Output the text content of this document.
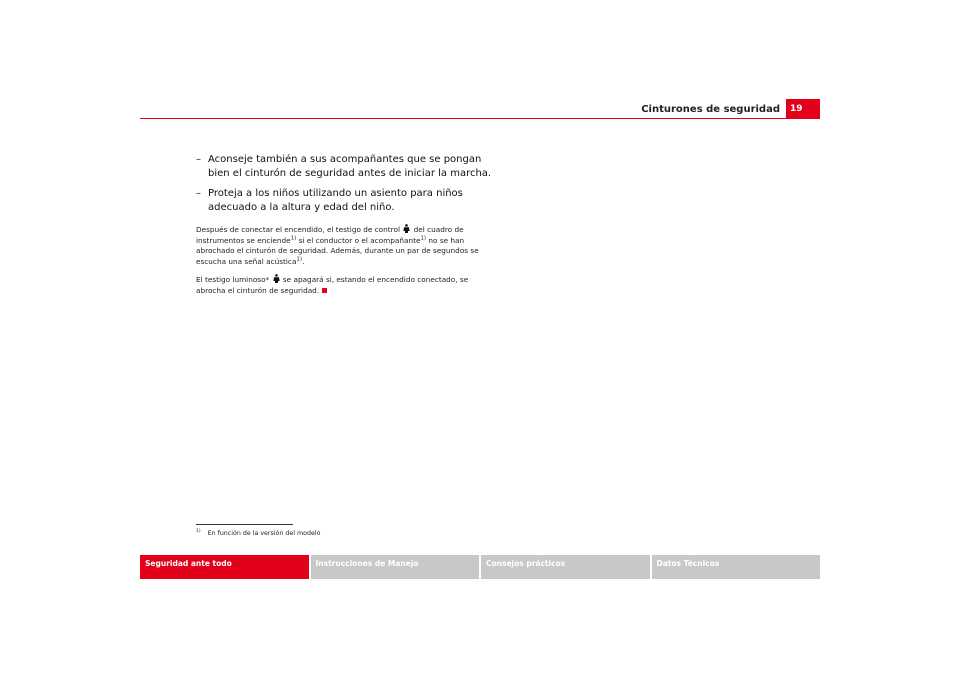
Cinturones de seguridad	19
– Aconseje también a sus acompañantes que se pongan bien el cinturón de seguridad antes de iniciar la marcha.
– Proteja a los niños utilizando un asiento para niños adecuado a la altura y edad del niño.

Después de conectar el encendido, el testigo de control del cuadro de instrumentos se enciende$^{1)}$ si el conductor o el acompañante$^{1)}$ no se han abrochado el cinturón de seguridad. Además, durante un par de segundos se escucha una señal acústica$^{1)}$.

El testigo luminoso* se apagará si, estando el encendido conectado, se abrocha el cinturón de seguridad.

$^{1)}$ En función de la versión del modelo
Seguridad ante todo	Instrucciones de Manejo	Consejos prácticos	Datos Técnicos
